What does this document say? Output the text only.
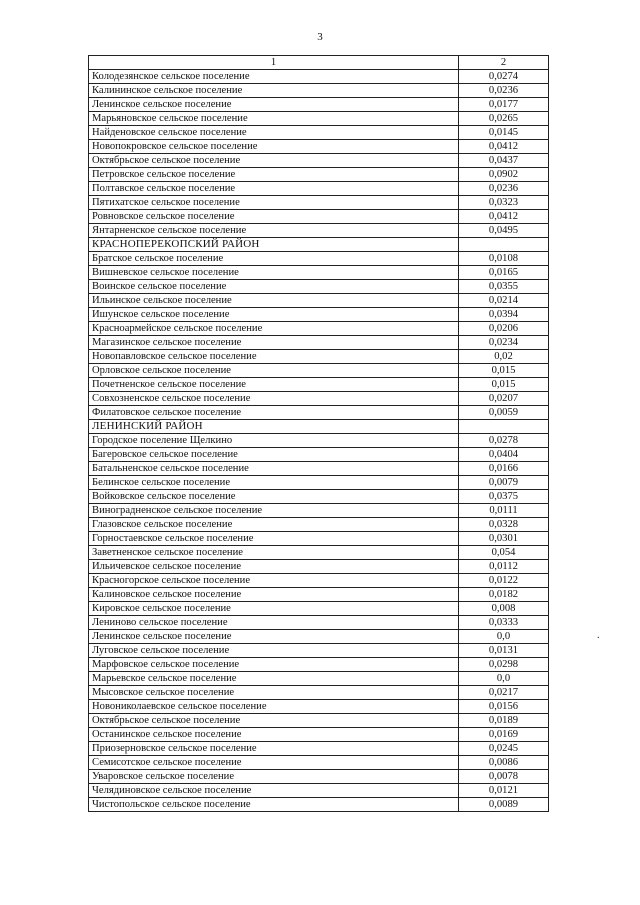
3
1	2
Колодезянское сельское поселение	0,0274
Калининское сельское поселение	0,0236
Ленинское сельское поселение	0,0177
Марьяновское сельское поселение	0,0265
Найденовское сельское поселение	0,0145
Новопокровское сельское поселение	0,0412
Октябрьское сельское поселение	0,0437
Петровское сельское поселение	0,0902
Полтавское сельское поселение	0,0236
Пятихатское сельское поселение	0,0323
Ровновское сельское поселение	0,0412
Янтарненское сельское поселение	0,0495
КРАСНОПЕРЕКОПСКИЙ РАЙОН	
Братское сельское поселение	0,0108
Вишневское сельское поселение	0,0165
Воинское сельское поселение	0,0355
Ильинское сельское поселение	0,0214
Ишунское сельское поселение	0,0394
Красноармейское сельское поселение	0,0206
Магазинское сельское поселение	0,0234
Новопавловское сельское поселение	0,02
Орловское сельское поселение	0,015
Почетненское сельское поселение	0,015
Совхозненское сельское поселение	0,0207
Филатовское сельское поселение	0,0059
ЛЕНИНСКИЙ РАЙОН	
Городское поселение Щелкино	0,0278
Багеровское сельское поселение	0,0404
Батальненское сельское поселение	0,0166
Белинское сельское поселение	0,0079
Войковское сельское поселение	0,0375
Виноградненское сельское поселение	0,0111
Глазовское сельское поселение	0,0328
Горностаевское сельское поселение	0,0301
Заветненское сельское поселение	0,054
Ильичевское сельское поселение	0,0112
Красногорское сельское поселение	0,0122
Калиновское сельское поселение	0,0182
Кировское сельское поселение	0,008
Лениново сельское поселение	0,0333
Ленинское сельское поселение	0,0
Луговское сельское поселение	0,0131
Марфовское сельское поселение	0,0298
Марьевское сельское поселение	0,0
Мысовское сельское поселение	0,0217
Новониколаевское сельское поселение	0,0156
Октябрьское сельское поселение	0,0189
Останинское сельское поселение	0,0169
Приозерновское сельское поселение	0,0245
Семисотское сельское поселение	0,0086
Уваровское сельское поселение	0,0078
Челядиновское сельское поселение	0,0121
Чистопольское сельское поселение	0,0089
.
